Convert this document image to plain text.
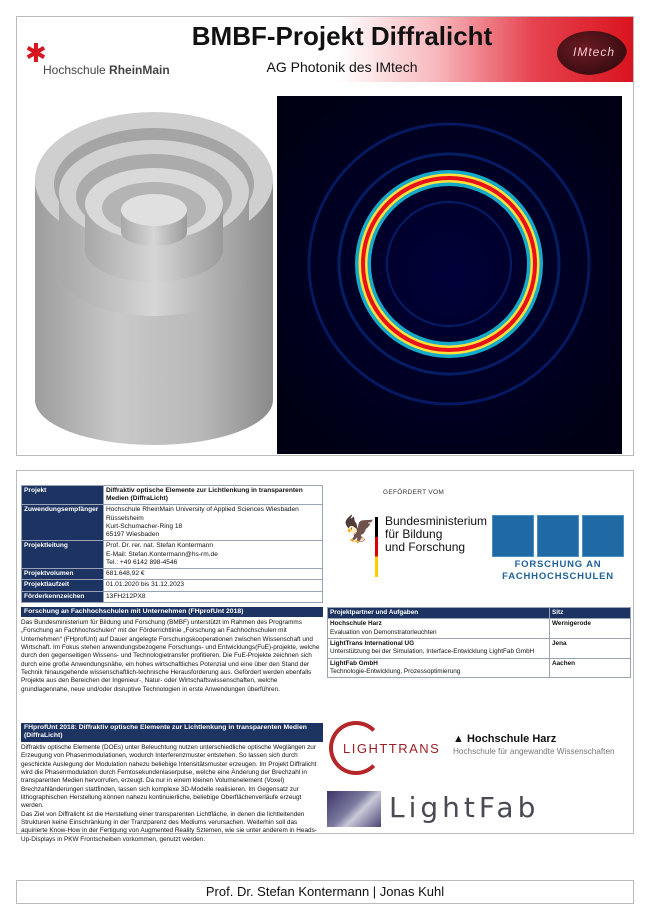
✱
Hochschule RheinMain
BMBF-Projekt Diffralicht
AG Photonik des IMtech
IMtech
Projekt	Diffraktiv optische Elemente zur Lichtlenkung in transparenten Medien (DiffraLicht)
Zuwendungsempfänger	Hochschule RheinMain University of Applied Sciences Wiesbaden Rüsselsheim
Kurt-Schumacher-Ring 18
65197 Wiesbaden
Projektleitung	Prof. Dr. rer. nat. Stefan Kontermann
E-Mail: Stefan.Kontermann@hs-rm.de
Tel.: +49 6142 898-4546
Projektvolumen	681.648,92 €
Projektlaufzeit	01.01.2020 bis 31.12.2023
Förderkennzeichen	13FH212PX8
GEFÖRDERT VOM
🦅 Bundesministerium
für Bildung
und Forschung
FORSCHUNG AN
FACHHOCHSCHULEN
Forschung an Fachhochschulen mit Unternehmen (FHprofUnt 2018)
Das Bundesministerium für Bildung und Forschung (BMBF) unterstützt im Rahmen des Programms „Forschung an Fachhochschulen“ mit der Förderrichtlinie „Forschung an Fachhochschulen mit Unternehmen“ (FHprofUnt) auf Dauer angelegte Forschungskooperationen zwischen Wissenschaft und Wirtschaft. Im Fokus stehen anwendungsbezogene Forschungs- und Entwicklungs(FuE)-projekte, welche durch den gegenseitigen Wissens- und Technologietransfer profitieren. Die FuE-Projekte zeichnen sich durch eine große Anwendungsnähe, ein hohes wirtschaftliches Potenzial und eine über den Stand der Technik hinausgehende wissenschaftlich-technische Herausforderung aus. Gefördert werden ebenfalls Projekte aus den Bereichen der Ingenieur-, Natur- oder Wirtschaftswissenschaften, welche grundlagennahe, neue und/oder disruptive Technologien in erste Anwendungen überführen.
Projektpartner und Aufgaben	Sitz
Hochschule Harz
Evaluation von Demonstratorleuchten	Wernigerode
LightTrans International UG
Unterstützung bei der Simulation, Interface-Entwicklung LightFab GmbH	Jena
LightFab GmbH
Technologie-Entwicklung, Prozessoptimierung	Aachen
FHprofUnt 2018: Diffraktiv optische Elemente zur Lichtlenkung in transparenten Medien (DiffraLicht)
Diffraktiv optische Elemente (DOEs) unter Beleuchtung nutzen unterschiedliche optische Weglängen zur Erzeugung von Phasenmodulationen, wodurch Interferenzmuster entstehen. So lassen sich durch geschickte Auslegung der Modulation nahezu beliebige Intensitätsmuster erzeugen. Im Projekt Diffralicht wird die Phasenmodulation durch Femtosekundenlaserpulse, welche eine Änderung der Brechzahl in transparenten Medien hervorrufen, erzeugt. Da nur in einem kleinen Volumenelement (Voxel) Brechzahländerungen stattfinden, lassen sich komplexe 3D-Modelle realisieren. Im Gegensatz zur lithographischen Herstellung können nahezu kontinuierliche, beliebige Oberflächenverläufe erzeugt werden.
Das Ziel von Diffralicht ist die Herstellung einer transparenten Lichtfläche, in denen die lichtleitenden Strukturen keine Einschränkung in der Tranzparenz des Mediums verursachen. Weiterhin soll das aquirierte Know-How in der Fertigung von Augmented Reality Sztemen, wie sie unter anderem in Heads-Up-Displays in PKW Frontscheiben vorkommen, genutzt werden.
LIGHTTRANS
▲ Hochschule Harz
Hochschule für angewandte Wissenschaften
LightFab
Prof. Dr. Stefan Kontermann | Jonas Kuhl
